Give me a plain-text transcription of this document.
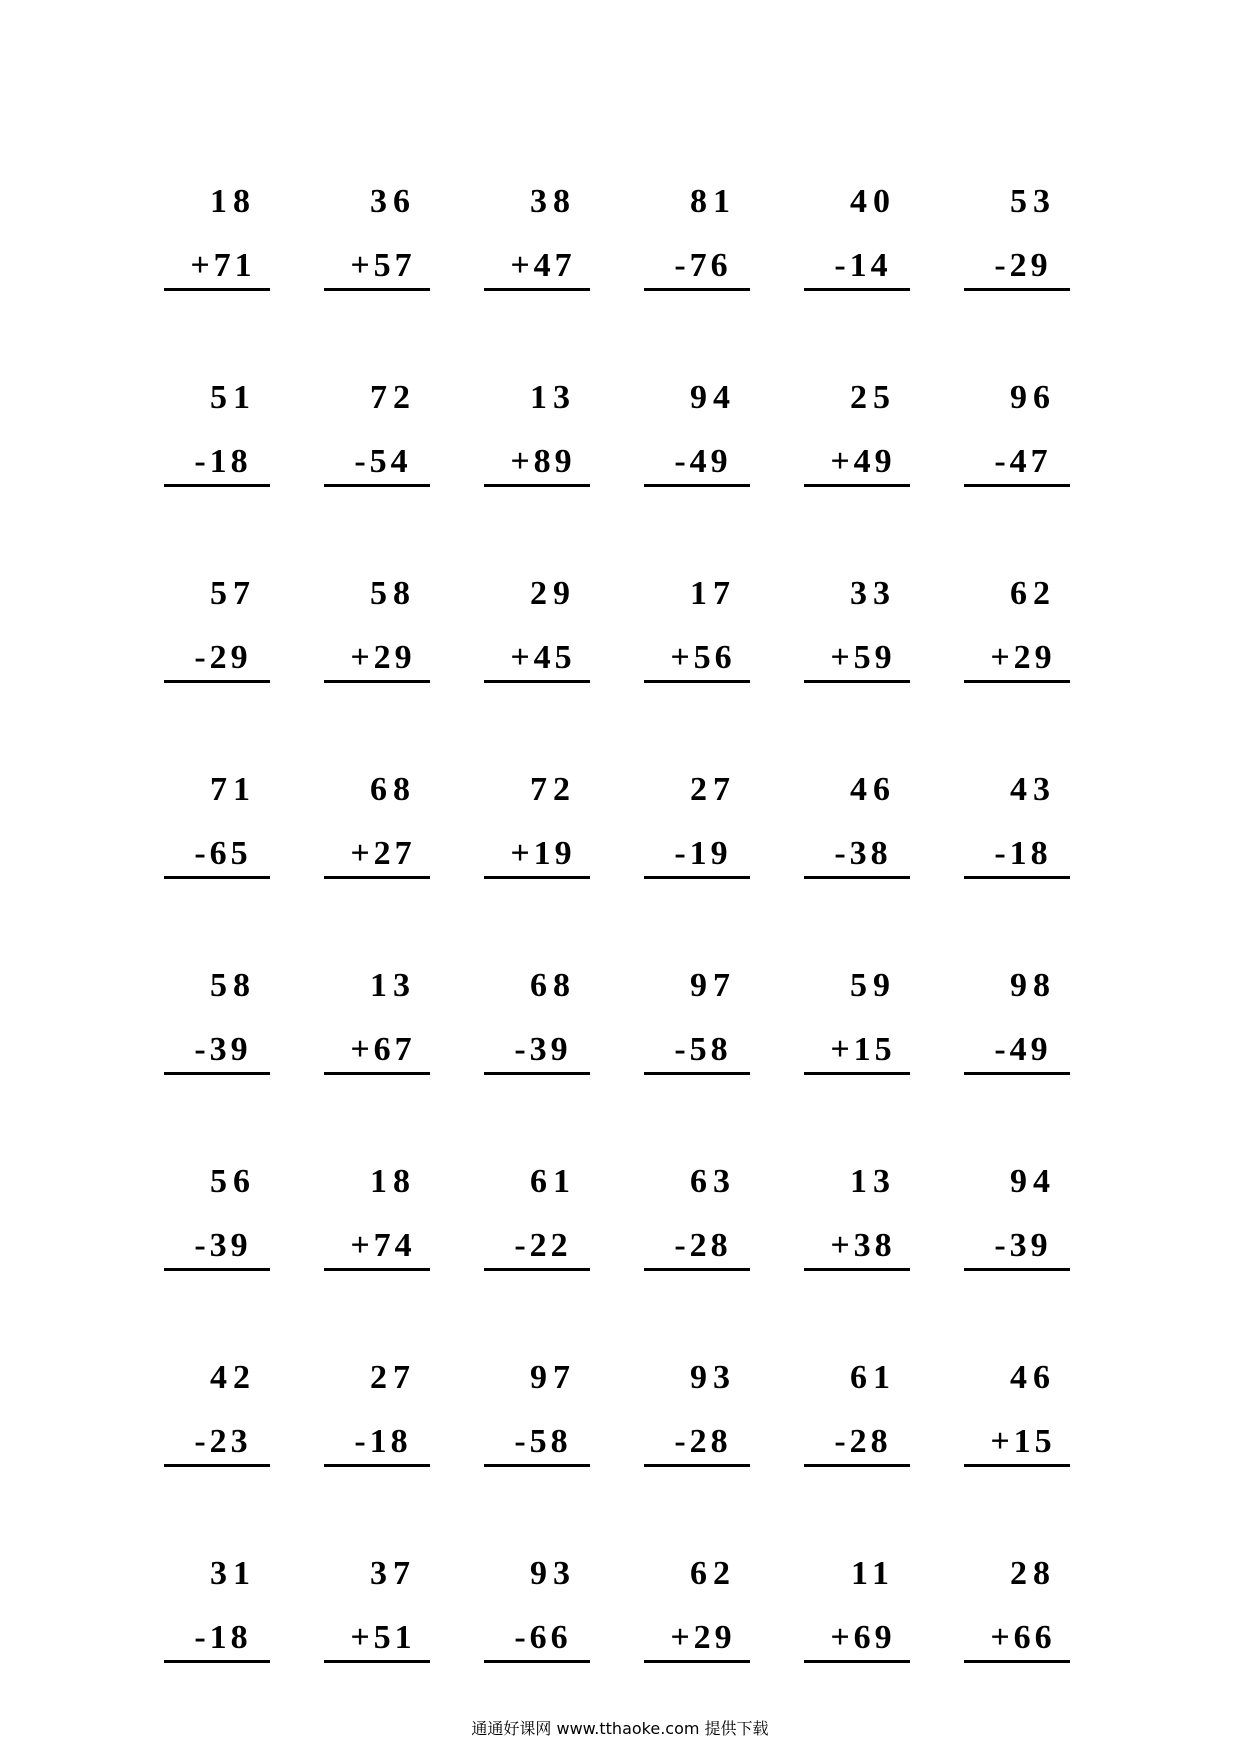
18
+71
36
+57
38
+47
81
-76
40
-14
53
-29
51
-18
72
-54
13
+89
94
-49
25
+49
96
-47
57
-29
58
+29
29
+45
17
+56
33
+59
62
+29
71
-65
68
+27
72
+19
27
-19
46
-38
43
-18
58
-39
13
+67
68
-39
97
-58
59
+15
98
-49
56
-39
18
+74
61
-22
63
-28
13
+38
94
-39
42
-23
27
-18
97
-58
93
-28
61
-28
46
+15
31
-18
37
+51
93
-66
62
+29
11
+69
28
+66
通通好课网 www.tthaoke.com 提供下载
